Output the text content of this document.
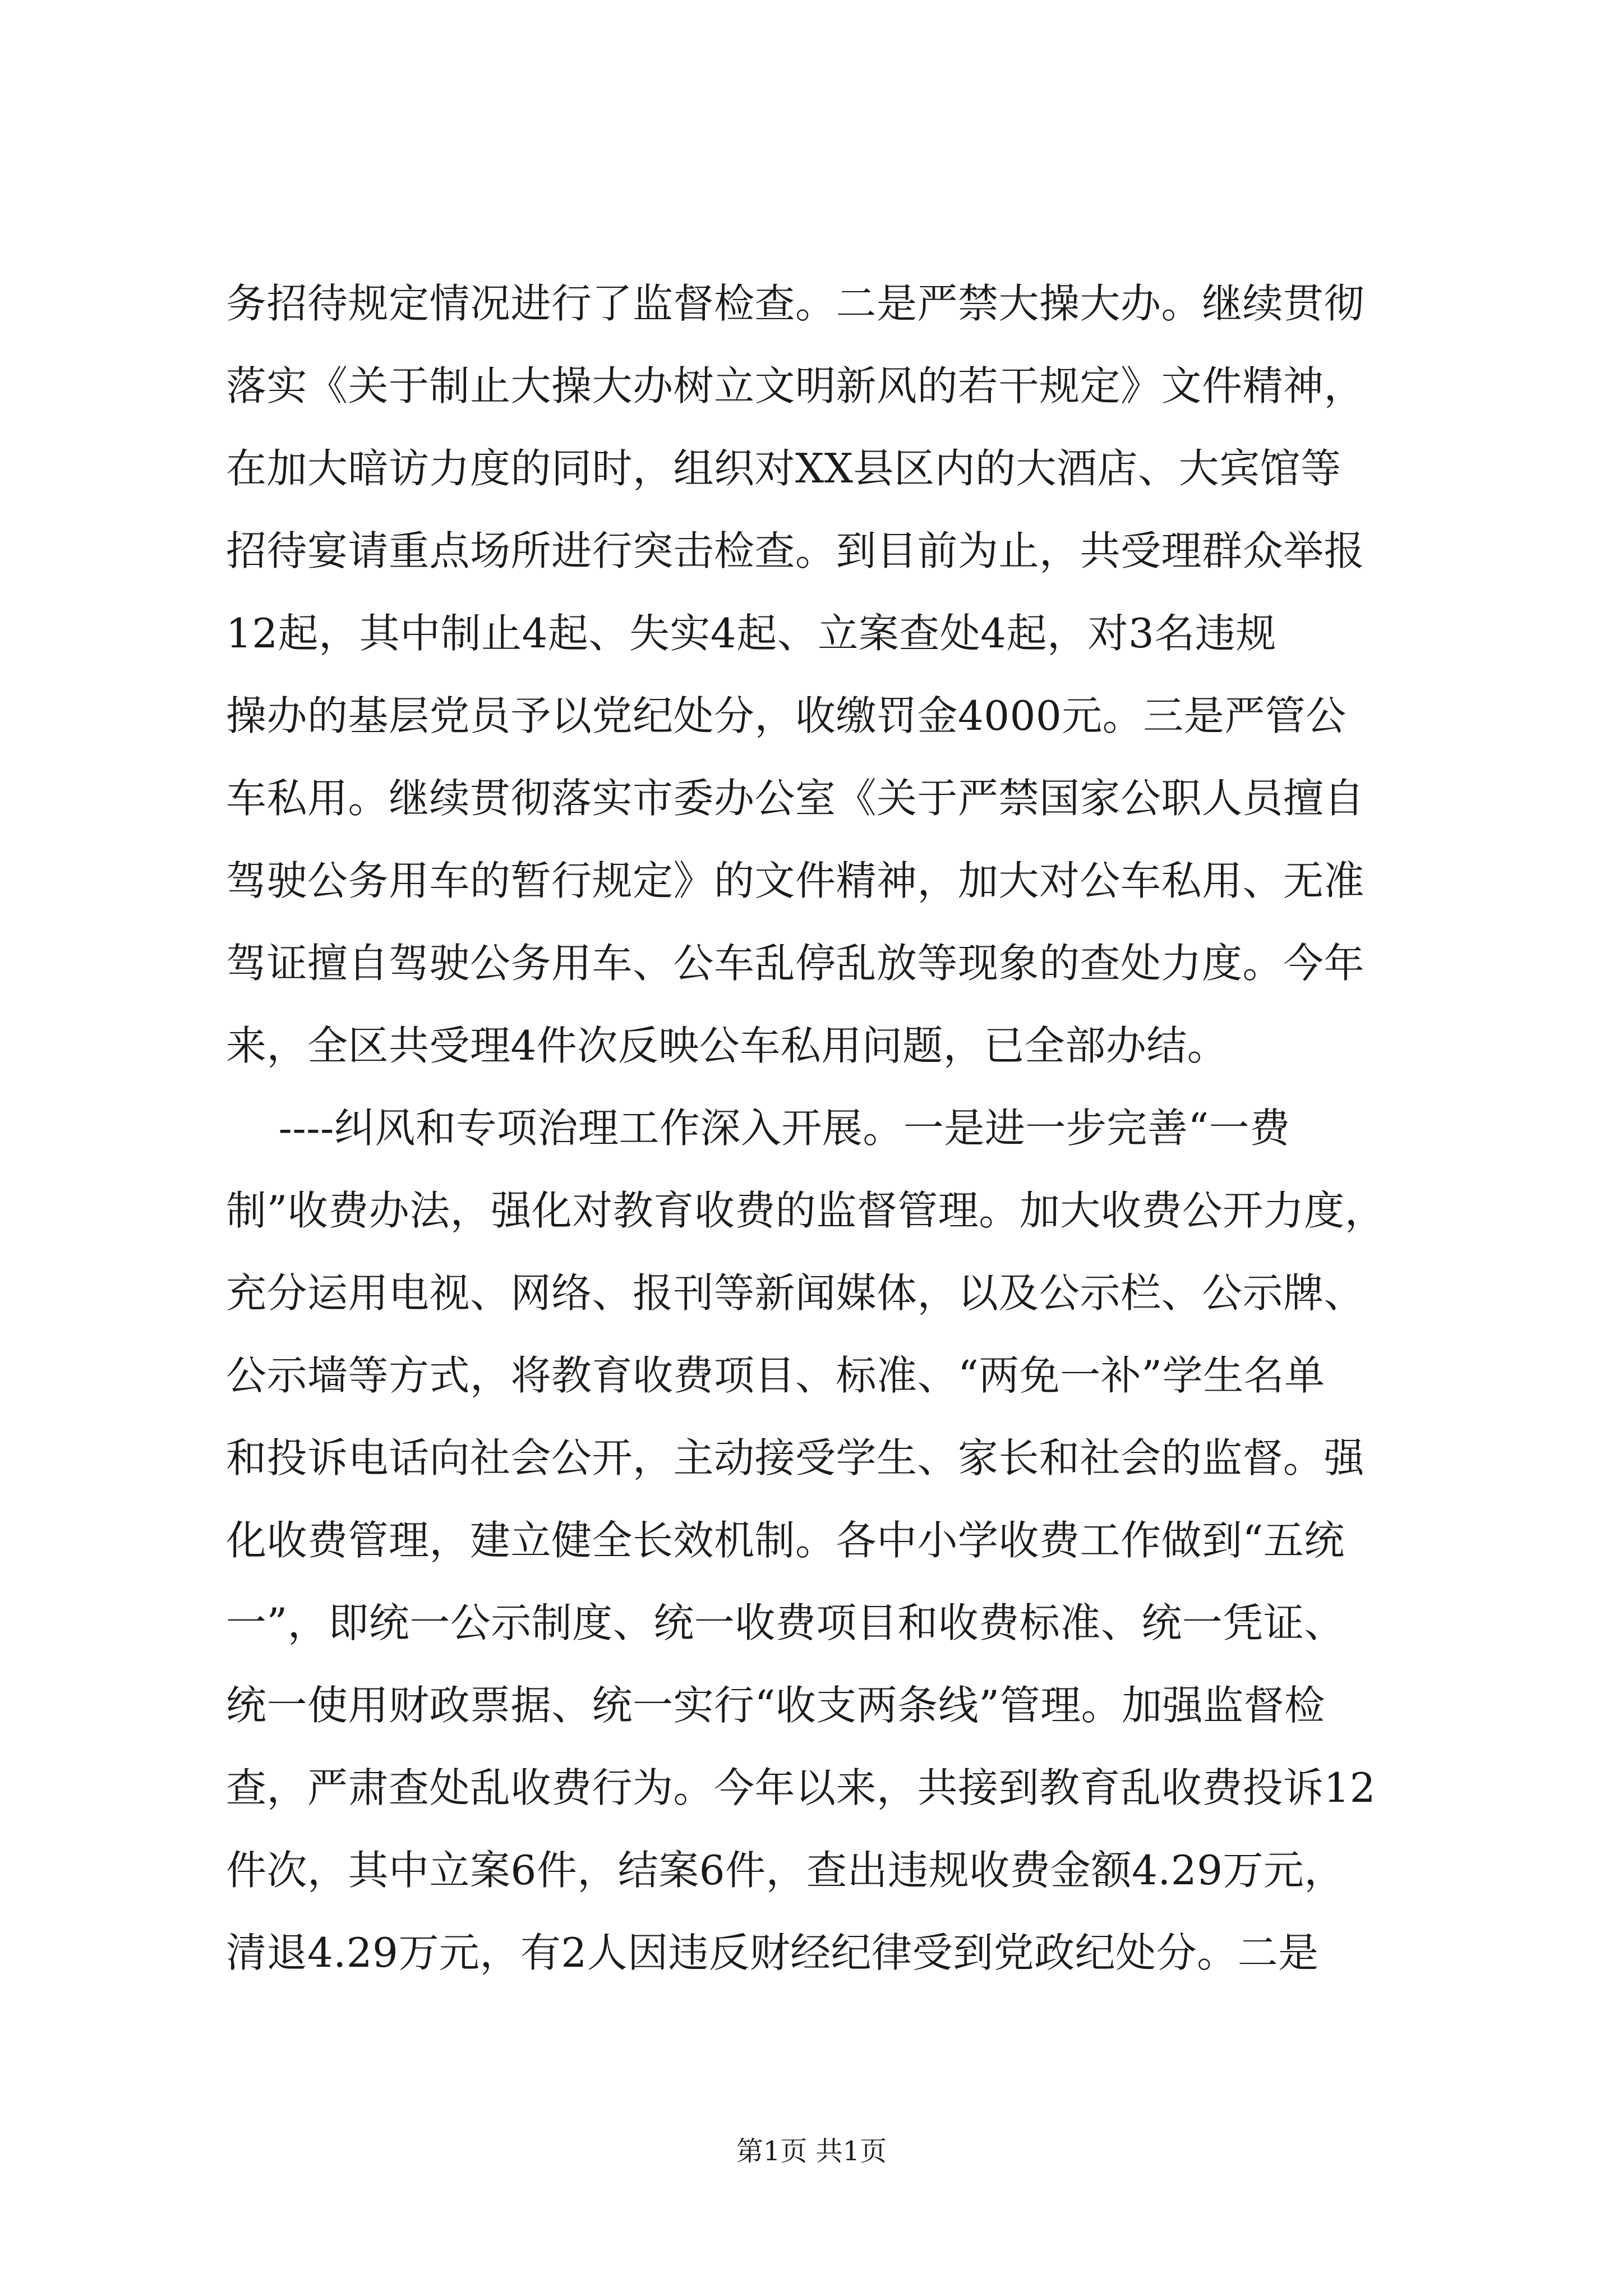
务招待规定情况进行了监督检查。二是严禁大操大办。继续贯彻
落实《关于制止大操大办树立文明新风的若干规定》文件精神，
在加大暗访力度的同时，组织对XX县区内的大酒店、大宾馆等
招待宴请重点场所进行突击检查。到目前为止，共受理群众举报
12起，其中制止4起、失实4起、立案查处4起，对3名违规
操办的基层党员予以党纪处分，收缴罚金4000元。三是严管公
车私用。继续贯彻落实市委办公室《关于严禁国家公职人员擅自
驾驶公务用车的暂行规定》的文件精神，加大对公车私用、无准
驾证擅自驾驶公务用车、公车乱停乱放等现象的查处力度。今年
来，全区共受理4件次反映公车私用问题，已全部办结。
----纠风和专项治理工作深入开展。一是进一步完善“一费
制”收费办法，强化对教育收费的监督管理。加大收费公开力度，
充分运用电视、网络、报刊等新闻媒体，以及公示栏、公示牌、
公示墙等方式，将教育收费项目、标准、“两免一补”学生名单
和投诉电话向社会公开，主动接受学生、家长和社会的监督。强
化收费管理，建立健全长效机制。各中小学收费工作做到“五统
一”，即统一公示制度、统一收费项目和收费标准、统一凭证、
统一使用财政票据、统一实行“收支两条线”管理。加强监督检
查，严肃查处乱收费行为。今年以来，共接到教育乱收费投诉12
件次，其中立案6件，结案6件，查出违规收费金额4.29万元，
清退4.29万元，有2人因违反财经纪律受到党政纪处分。二是
第1页 共1页
